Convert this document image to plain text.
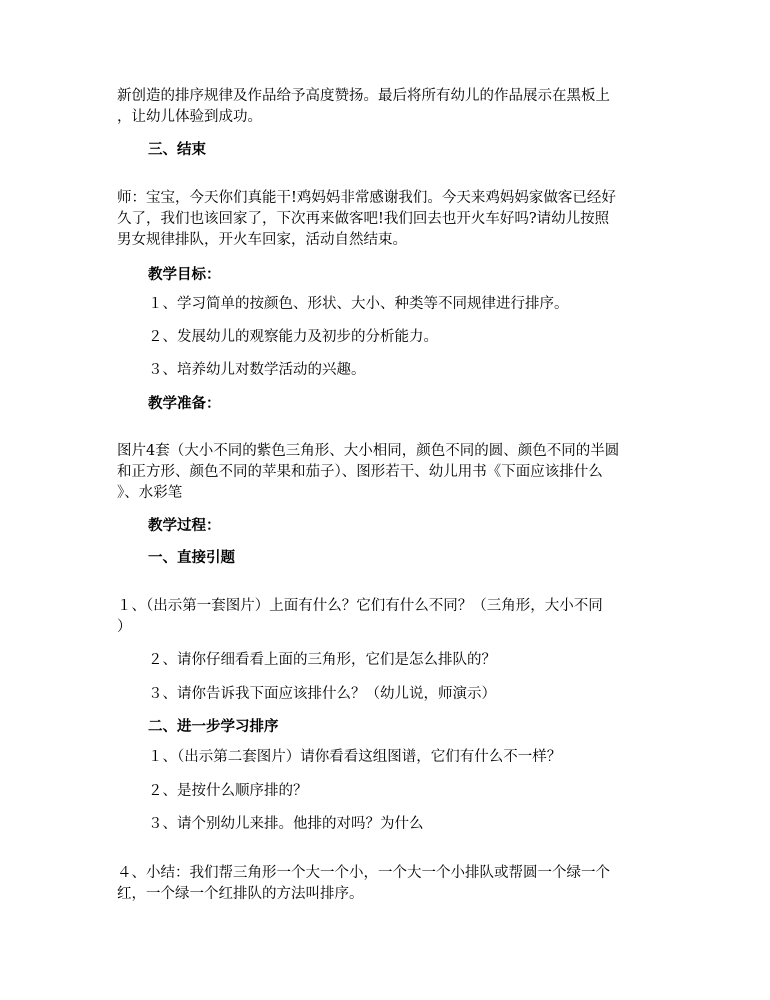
新创造的排序规律及作品给予高度赞扬。最后将所有幼儿的作品展示在黑板上
，让幼儿体验到成功。
三、结束
师：宝宝，今天你们真能干!鸡妈妈非常感谢我们。今天来鸡妈妈家做客已经好
久了，我们也该回家了，下次再来做客吧!我们回去也开火车好吗?请幼儿按照
男女规律排队，开火车回家，活动自然结束。
教学目标：
１、学习简单的按颜色、形状、大小、种类等不同规律进行排序。
２、发展幼儿的观察能力及初步的分析能力。
３、培养幼儿对数学活动的兴趣。
教学准备：
图片4套（大小不同的紫色三角形、大小相同，颜色不同的圆、颜色不同的半圆
和正方形、颜色不同的苹果和茄子）、图形若干、幼儿用书《下面应该排什么
》、水彩笔
教学过程：
一、直接引题
１、（出示第一套图片）上面有什么？它们有什么不同？（三角形，大小不同
）
２、请你仔细看看上面的三角形，它们是怎么排队的？
３、请你告诉我下面应该排什么？（幼儿说，师演示）
二、进一步学习排序
１、（出示第二套图片）请你看看这组图谱，它们有什么不一样？
２、是按什么顺序排的？
３、请个别幼儿来排。他排的对吗？为什么
４、小结：我们帮三角形一个大一个小，一个大一个小排队或帮圆一个绿一个
红，一个绿一个红排队的方法叫排序。
